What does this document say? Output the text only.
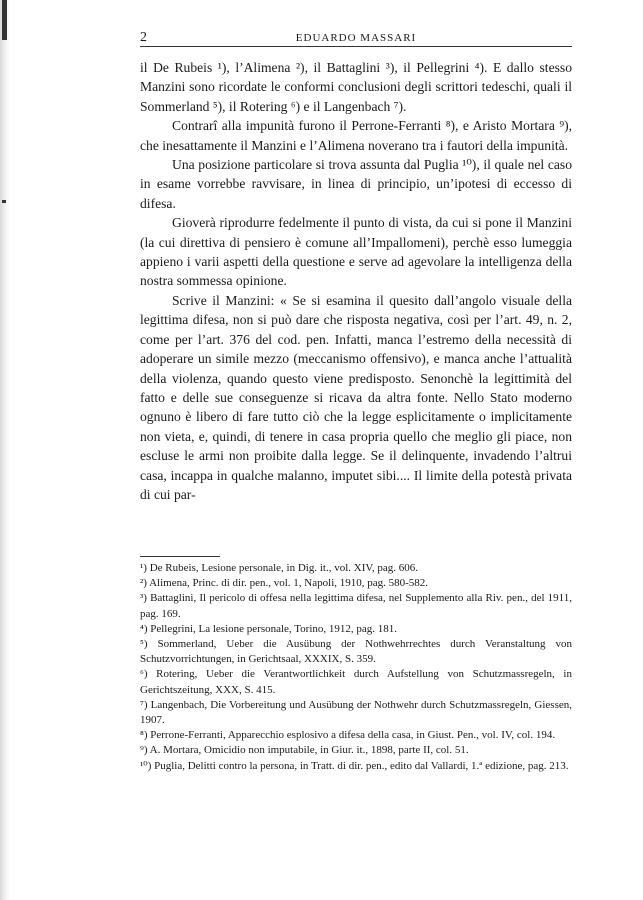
2	EDUARDO MASSARI

il De Rubeis ¹), l’Alimena ²), il Battaglini ³), il Pellegrini ⁴). E dallo stesso Manzini sono ricordate le conformi conclusioni degli scrittori tedeschi, quali il Sommerland ⁵), il Rotering ⁶) e il Langenbach ⁷).

Contrarî alla impunità furono il Perrone-Ferranti ⁸), e Aristo Mortara ⁹), che inesattamente il Manzini e l’Alimena noverano tra i fautori della impunità.

Una posizione particolare si trova assunta dal Puglia ¹⁰), il quale nel caso in esame vorrebbe ravvisare, in linea di principio, un’ipotesi di eccesso di difesa.

Gioverà riprodurre fedelmente il punto di vista, da cui si pone il Manzini (la cui direttiva di pensiero è comune all’Impallomeni), perchè esso lumeggia appieno i varii aspetti della questione e serve ad agevolare la intelligenza della nostra sommessa opinione.

Scrive il Manzini: « Se si esamina il quesito dall’angolo visuale della legittima difesa, non si può dare che risposta negativa, così per l’art. 49, n. 2, come per l’art. 376 del cod. pen. Infatti, manca l’estremo della necessità di adoperare un simile mezzo (meccanismo offensivo), e manca anche l’attualità della violenza, quando questo viene predisposto. Senonchè la legittimità del fatto e delle sue conseguenze si ricava da altra fonte. Nello Stato moderno ognuno è libero di fare tutto ciò che la legge esplicitamente o implicitamente non vieta, e, quindi, di tenere in casa propria quello che meglio gli piace, non escluse le armi non proibite dalla legge. Se il delinquente, invadendo l’altrui casa, incappa in qualche malanno, imputet sibi.... Il limite della potestà privata di cui par-

¹) De Rubeis, Lesione personale, in Dig. it., vol. XIV, pag. 606.

²) Alimena, Princ. di dir. pen., vol. 1, Napoli, 1910, pag. 580-582.

³) Battaglini, Il pericolo di offesa nella legittima difesa, nel Supplemento alla Riv. pen., del 1911, pag. 169.

⁴) Pellegrini, La lesione personale, Torino, 1912, pag. 181.

⁵) Sommerland, Ueber die Ausübung der Nothwehrrechtes durch Veranstaltung von Schutzvorrichtungen, in Gerichtsaal, XXXIX, S. 359.

⁶) Rotering, Ueber die Verantwortlichkeit durch Aufstellung von Schutzmassregeln, in Gerichtszeitung, XXX, S. 415.

⁷) Langenbach, Die Vorbereitung und Ausübung der Nothwehr durch Schutzmassregeln, Giessen, 1907.

⁸) Perrone-Ferranti, Apparecchio esplosivo a difesa della casa, in Giust. Pen., vol. IV, col. 194.

⁹) A. Mortara, Omicidio non imputabile, in Giur. it., 1898, parte II, col. 51.

¹⁰) Puglia, Delitti contro la persona, in Tratt. di dir. pen., edito dal Vallardi, 1.ª edizione, pag. 213.
